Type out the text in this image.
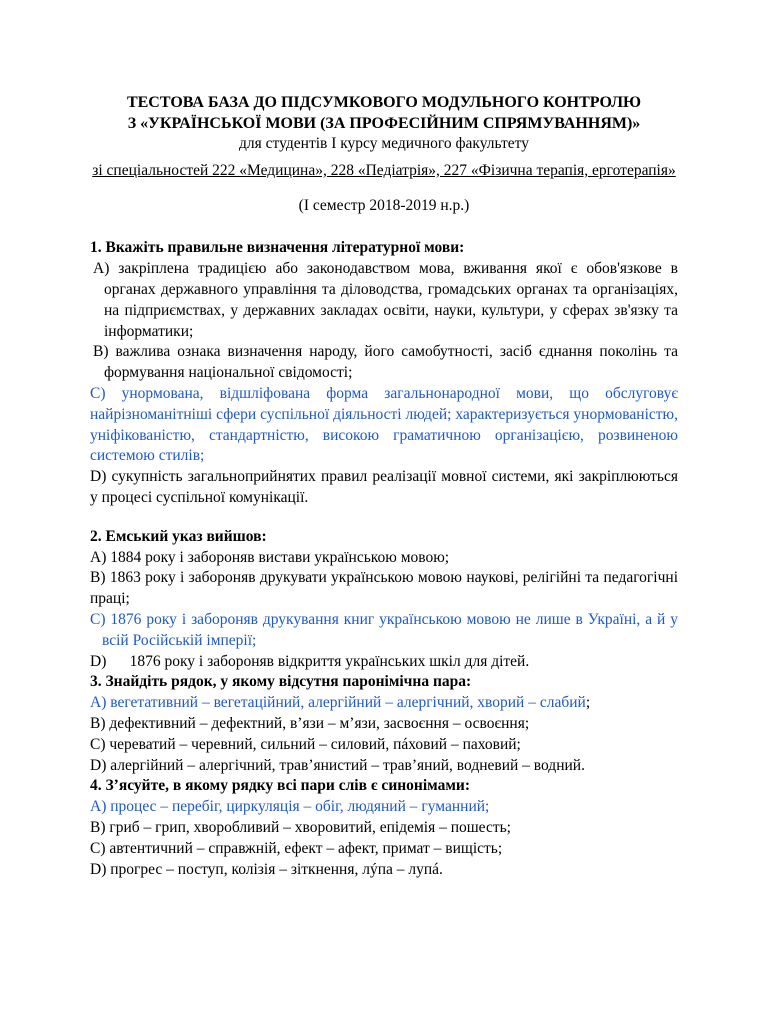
ТЕСТОВА БАЗА ДО ПІДСУМКОВОГО МОДУЛЬНОГО КОНТРОЛЮ
З «УКРАЇНСЬКОЇ МОВИ (ЗА ПРОФЕСІЙНИМ СПРЯМУВАННЯМ)»
для студентів І курсу медичного факультету
зі спеціальностей 222 «Медицина», 228 «Педіатрія», 227 «Фізична терапія, ерготерапія»
(І семестр 2018-2019 н.р.)
1. Вкажіть правильне визначення літературної мови:
А) закріплена традицією або законодавством мова, вживання якої є обов'язкове в органах державного управління та діловодства, громадських органах та організаціях, на підприємствах, у державних закладах освіти, науки, культури, у сферах зв'язку та інформатики;
В) важлива ознака визначення народу, його самобутності, засіб єднання поколінь та формування національної свідомості;
С) унормована, відшліфована форма загальнонародної мови, що обслуговує найрізноманітніші сфери суспільної діяльності людей; характеризується унормованістю, уніфікованістю, стандартністю, високою граматичною організацією, розвиненою системою стилів;
D) сукупність загальноприйнятих правил реалізації мовної системи, які закріплюються у процесі суспільної комунікації.
2. Емський указ вийшов:
А) 1884 року і забороняв вистави українською мовою;
В) 1863 року і забороняв друкувати українською мовою наукові, релігійні та педагогічні праці;
С) 1876 року і забороняв друкування книг українською мовою не лише в Україні, а й у всій Російській імперії;
D)      1876 року і забороняв відкриття українських шкіл для дітей.
3. Знайдіть рядок, у якому відсутня паронімічна пара:
А) вегетативний – вегетаційний, алергійний – алергічний, хворий – слабий;
В) дефективний – дефектний, в’язи – м’язи, засвоєння – освоєння;
С) череватий – черевний, сильний – силовий, пáховий – паховий;
D) алергійний – алергічний, трав’янистий – трав’яний, водневий – водний.
4. З’ясуйте, в якому рядку всі пари слів є синонімами:
А) процес – перебіг, циркуляція – обіг, людяний – гуманний;
В) гриб – грип, хворобливий – хворовитий, епідемія – пошесть;
С) автентичний – справжній, ефект – афект, примат – вищість;
D) прогрес – поступ, колізія – зіткнення, лýпа – лупá.
